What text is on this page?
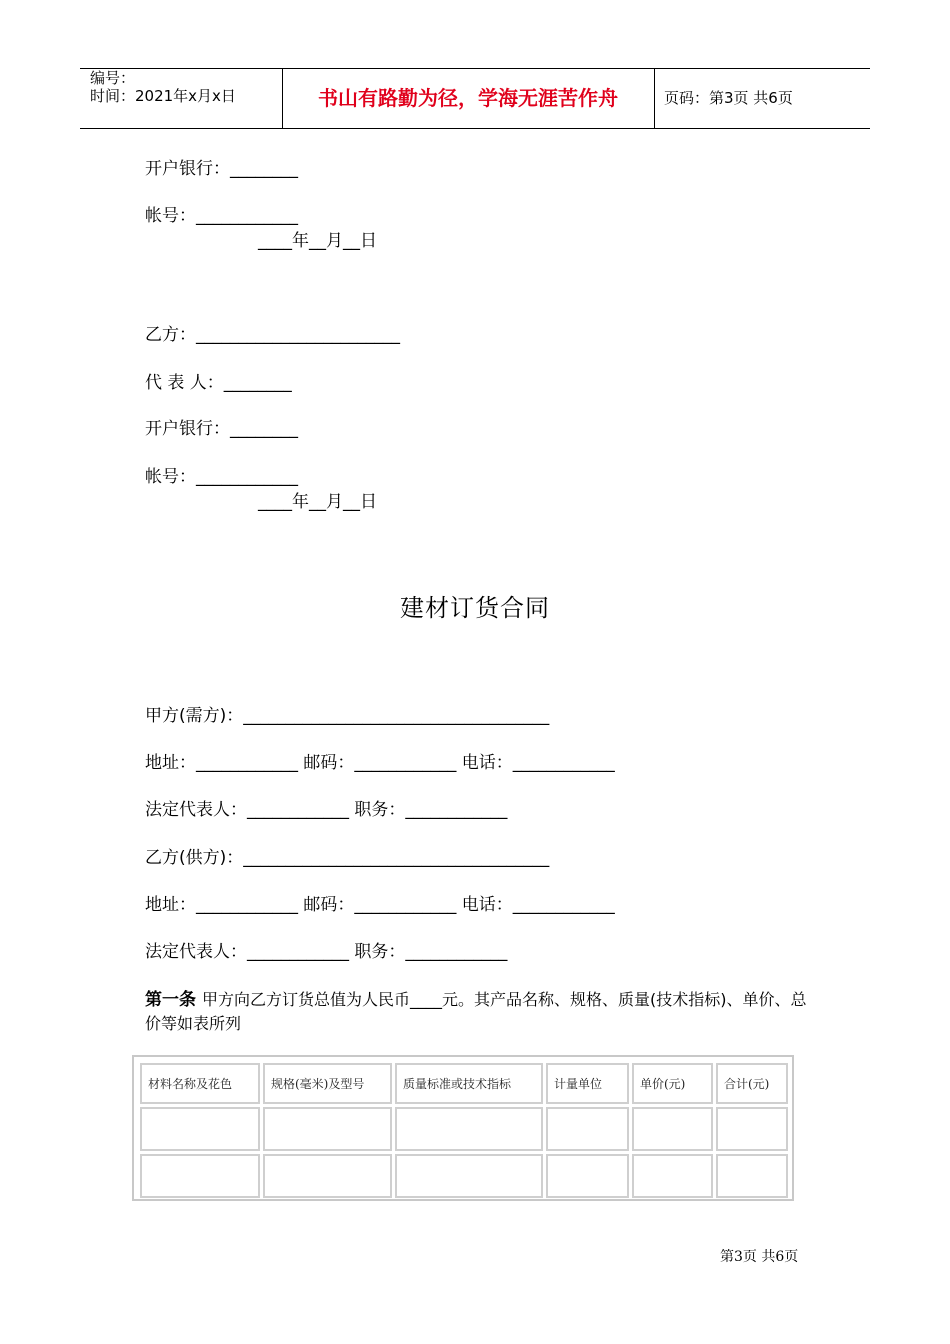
编号：
时间：2021年x月x日	书山有路勤为径，学海无涯苦作舟	页码：第3页 共6页
开户银行：________
帐号：____________
____年__月__日
乙方：________________________
代 表 人：________
开户银行：________
帐号：____________
____年__月__日
建材订货合同
甲方(需方)：____________________________________
地址：____________ 邮码：____________ 电话：____________
法定代表人：____________ 职务：____________
乙方(供方)：____________________________________
地址：____________ 邮码：____________ 电话：____________
法定代表人：____________ 职务：____________
第一条 甲方向乙方订货总值为人民币____元。其产品名称、规格、质量(技术指标)、单价、总价等如表所列
材料名称及花色	规格(毫米)及型号	质量标准或技术指标	计量单位	单价(元)	合计(元)

第3页 共6页
